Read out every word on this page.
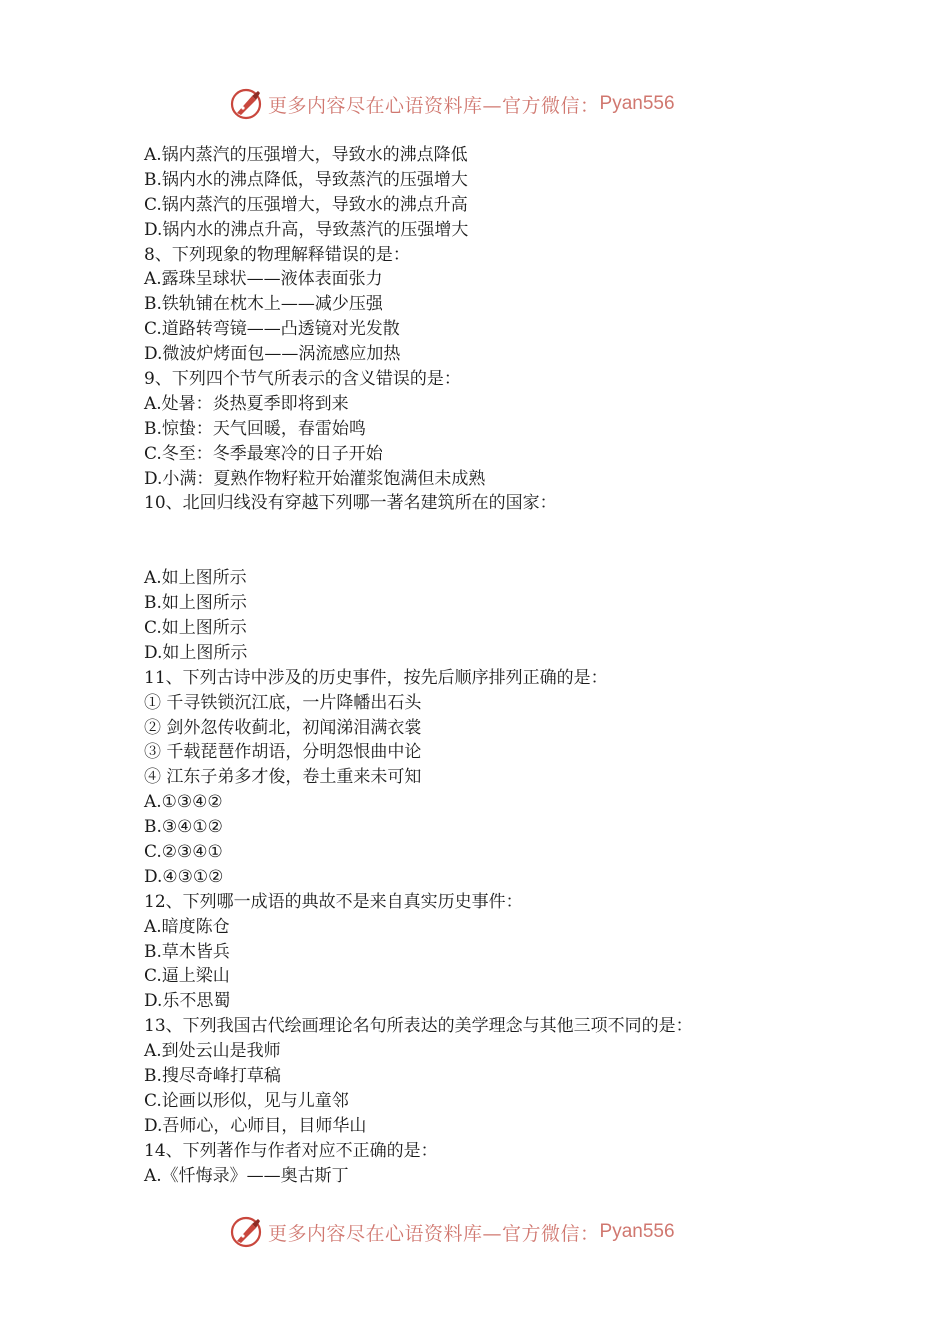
更多内容尽在心语资料库—官方微信： Pyan556
A.锅内蒸汽的压强增大，导致水的沸点降低
B.锅内水的沸点降低，导致蒸汽的压强增大
C.锅内蒸汽的压强增大，导致水的沸点升高
D.锅内水的沸点升高，导致蒸汽的压强增大
8、下列现象的物理解释错误的是：
A.露珠呈球状——液体表面张力
B.铁轨铺在枕木上——减少压强
C.道路转弯镜——凸透镜对光发散
D.微波炉烤面包——涡流感应加热
9、下列四个节气所表示的含义错误的是：
A.处暑：炎热夏季即将到来
B.惊蛰：天气回暖，春雷始鸣
C.冬至：冬季最寒冷的日子开始
D.小满：夏熟作物籽粒开始灌浆饱满但未成熟
10、北回归线没有穿越下列哪一著名建筑所在的国家：
A.如上图所示
B.如上图所示
C.如上图所示
D.如上图所示
11、下列古诗中涉及的历史事件，按先后顺序排列正确的是：
① 千寻铁锁沉江底，一片降幡出石头
② 剑外忽传收蓟北，初闻涕泪满衣裳
③ 千载琵琶作胡语，分明怨恨曲中论
④ 江东子弟多才俊，卷土重来未可知
A.①③④②
B.③④①②
C.②③④①
D.④③①②
12、下列哪一成语的典故不是来自真实历史事件：
A.暗度陈仓
B.草木皆兵
C.逼上梁山
D.乐不思蜀
13、下列我国古代绘画理论名句所表达的美学理念与其他三项不同的是：
A.到处云山是我师
B.搜尽奇峰打草稿
C.论画以形似，见与儿童邻
D.吾师心，心师目，目师华山
14、下列著作与作者对应不正确的是：
A.《忏悔录》——奥古斯丁
更多内容尽在心语资料库—官方微信： Pyan556
